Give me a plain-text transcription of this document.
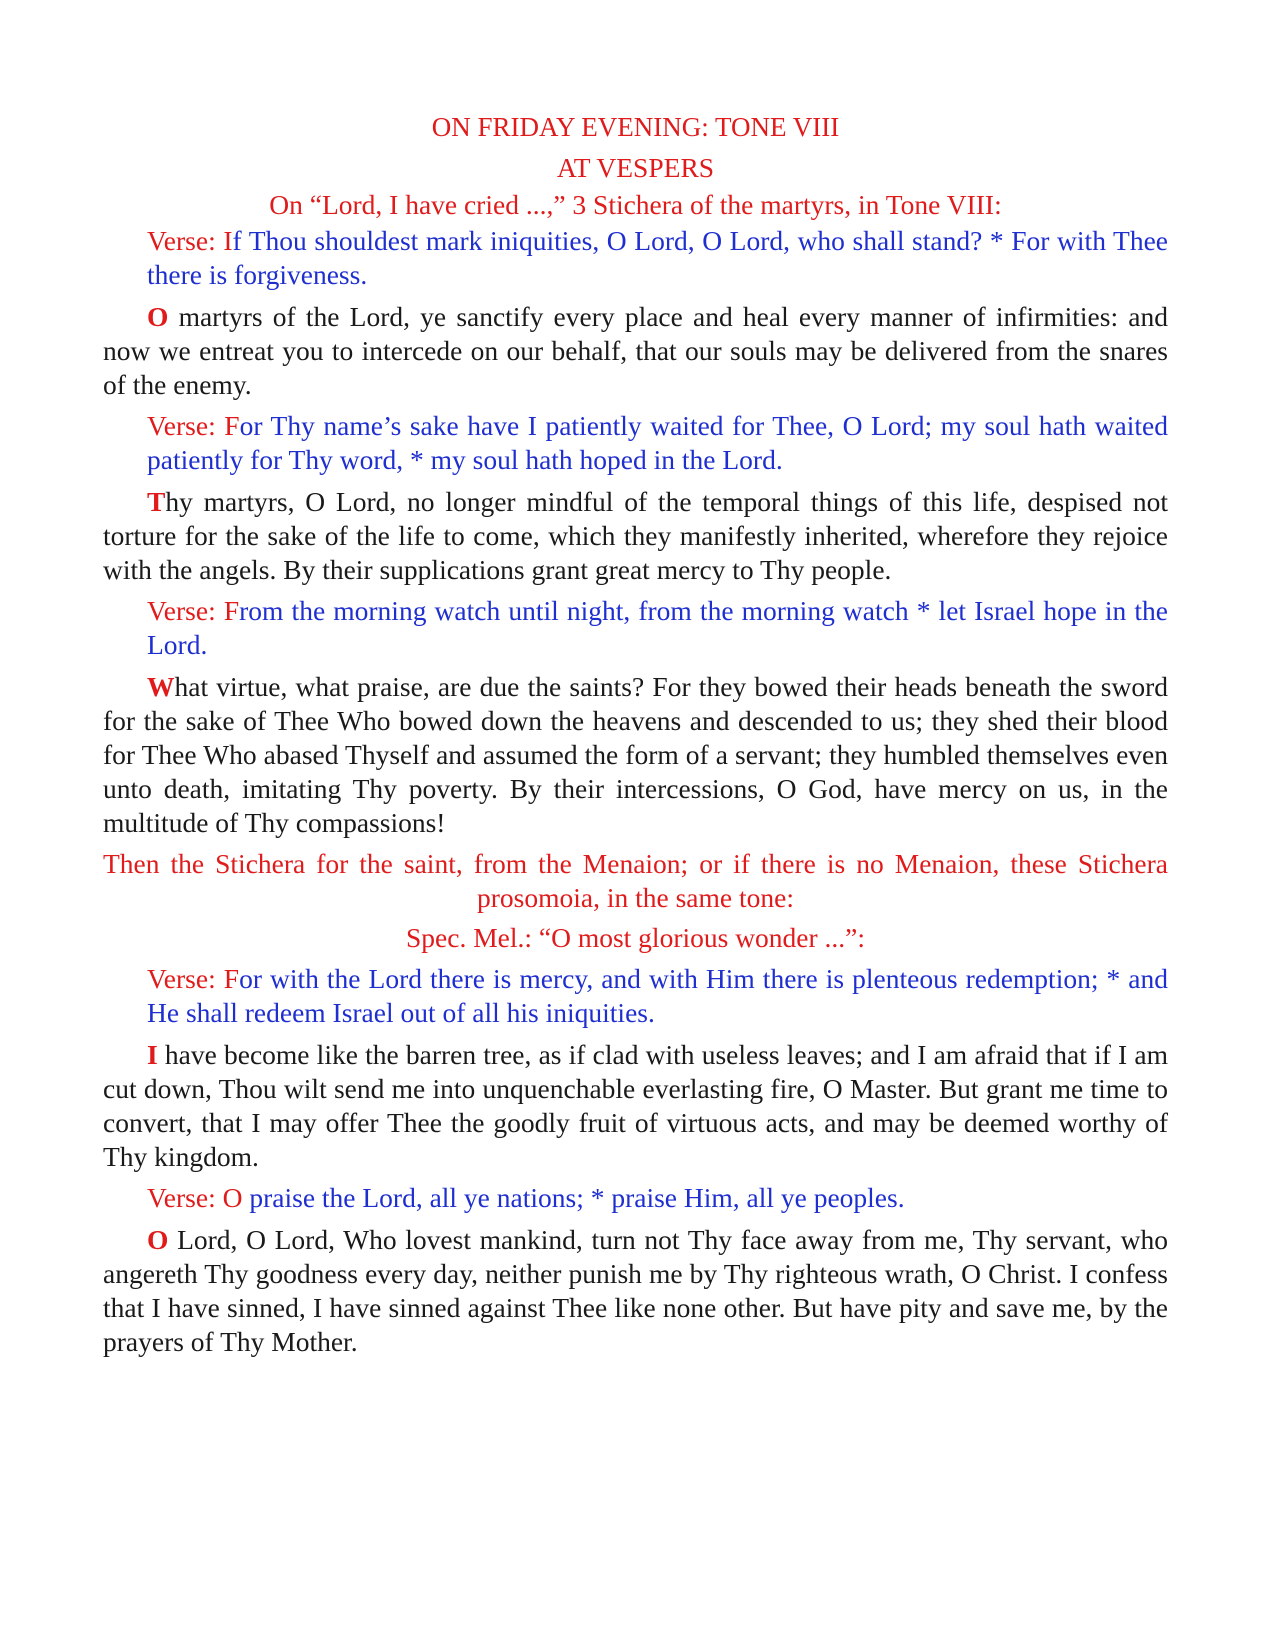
ON FRIDAY EVENING: TONE VIII

AT VESPERS

On “Lord, I have cried ...,” 3 Stichera of the martyrs, in Tone VIII:

Verse: If Thou shouldest mark iniquities, O Lord, O Lord, who shall stand? * For with Thee there is forgiveness.

O martyrs of the Lord, ye sanctify every place and heal every manner of infirmities: and now we entreat you to intercede on our behalf, that our souls may be delivered from the snares of the enemy.

Verse: For Thy name’s sake have I patiently waited for Thee, O Lord; my soul hath waited patiently for Thy word, * my soul hath hoped in the Lord.

Thy martyrs, O Lord, no longer mindful of the temporal things of this life, despised not torture for the sake of the life to come, which they manifestly inherited, wherefore they rejoice with the angels. By their supplications grant great mercy to Thy people.

Verse: From the morning watch until night, from the morning watch * let Israel hope in the Lord.

What virtue, what praise, are due the saints? For they bowed their heads beneath the sword for the sake of Thee Who bowed down the heavens and descended to us; they shed their blood for Thee Who abased Thyself and assumed the form of a servant; they humbled themselves even unto death, imitating Thy poverty. By their intercessions, O God, have mercy on us, in the multitude of Thy compassions!

Then the Stichera for the saint, from the Menaion; or if there is no Menaion, these Stichera prosomoia, in the same tone:

Spec. Mel.: “O most glorious wonder ...”:

Verse: For with the Lord there is mercy, and with Him there is plenteous redemption; * and He shall redeem Israel out of all his iniquities.

I have become like the barren tree, as if clad with useless leaves; and I am afraid that if I am cut down, Thou wilt send me into unquenchable everlasting fire, O Master. But grant me time to convert, that I may offer Thee the goodly fruit of virtuous acts, and may be deemed worthy of Thy kingdom.

Verse: O praise the Lord, all ye nations; * praise Him, all ye peoples.

O Lord, O Lord, Who lovest mankind, turn not Thy face away from me, Thy servant, who angereth Thy goodness every day, neither punish me by Thy righteous wrath, O Christ. I confess that I have sinned, I have sinned against Thee like none other. But have pity and save me, by the prayers of Thy Mother.
